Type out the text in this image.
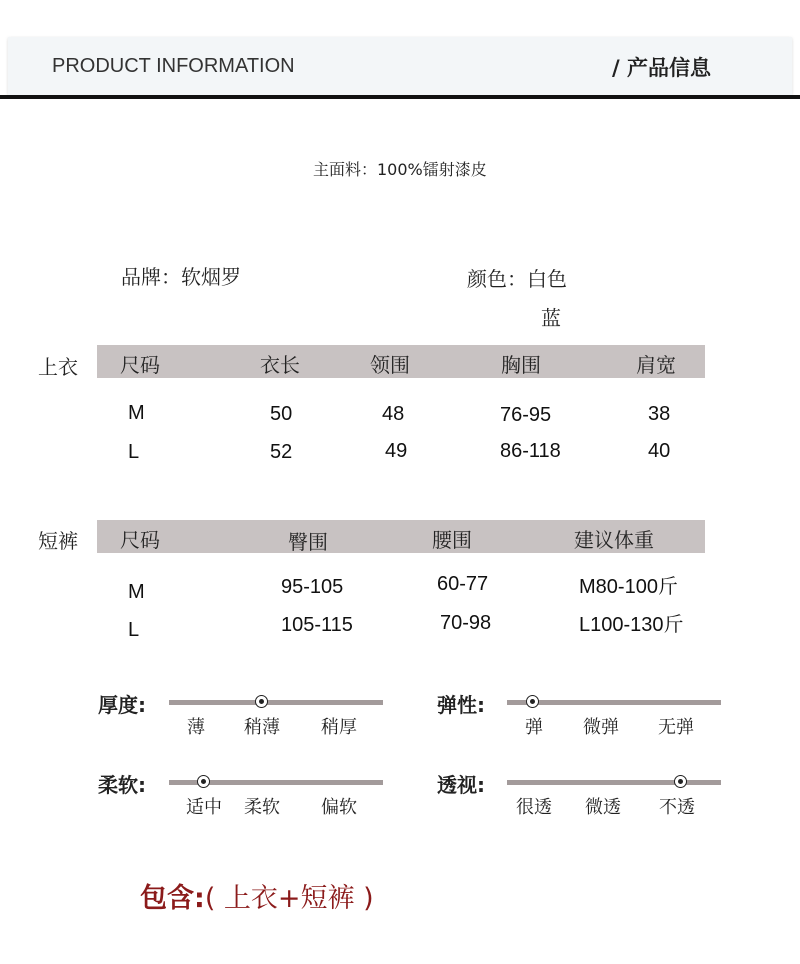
PRODUCT INFORMATION	/ 产品信息
主面料：100%镭射漆皮
品牌：软烟罗	颜色：白色
蓝
上衣 尺码	衣长	领围	胸围	肩宽
M	50	48	76-95	38
L	52	49	86-118	40
短裤 尺码	臀围	腰围	建议体重
M	95-105	60-77	M80-100斤
L	105-115	70-98	L100-130斤
厚度:
薄 稍薄 稍厚
弹性:
弹 微弹 无弹
柔软:
适中 柔软 偏软
透视:
很透 微透 不透
包含:( 上衣+短裤 )
